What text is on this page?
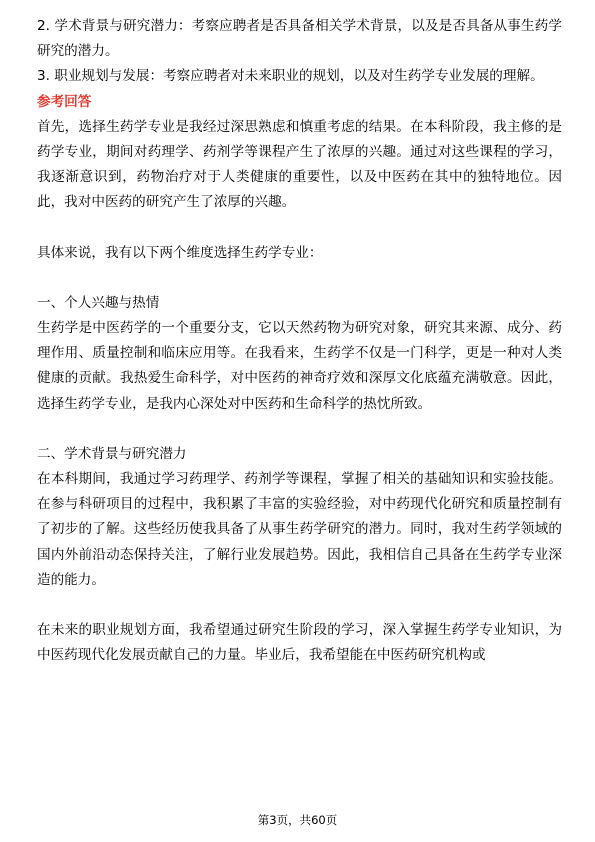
2. 学术背景与研究潜力：考察应聘者是否具备相关学术背景，以及是否具备从事生药学研究的潜力。

3. 职业规划与发展：考察应聘者对未来职业的规划，以及对生药学专业发展的理解。

参考回答

首先，选择生药学专业是我经过深思熟虑和慎重考虑的结果。在本科阶段，我主修的是药学专业，期间对药理学、药剂学等课程产生了浓厚的兴趣。通过对这些课程的学习，我逐渐意识到，药物治疗对于人类健康的重要性，以及中医药在其中的独特地位。因此，我对中医药的研究产生了浓厚的兴趣。

具体来说，我有以下两个维度选择生药学专业：

一、个人兴趣与热情

生药学是中医药学的一个重要分支，它以天然药物为研究对象，研究其来源、成分、药理作用、质量控制和临床应用等。在我看来，生药学不仅是一门科学，更是一种对人类健康的贡献。我热爱生命科学，对中医药的神奇疗效和深厚文化底蕴充满敬意。因此，选择生药学专业，是我内心深处对中医药和生命科学的热忱所致。

二、学术背景与研究潜力

在本科期间，我通过学习药理学、药剂学等课程，掌握了相关的基础知识和实验技能。在参与科研项目的过程中，我积累了丰富的实验经验，对中药现代化研究和质量控制有了初步的了解。这些经历使我具备了从事生药学研究的潜力。同时，我对生药学领域的国内外前沿动态保持关注，了解行业发展趋势。因此，我相信自己具备在生药学专业深造的能力。

在未来的职业规划方面，我希望通过研究生阶段的学习，深入掌握生药学专业知识，为中医药现代化发展贡献自己的力量。毕业后，我希望能在中医药研究机构或

第3页，共60页
